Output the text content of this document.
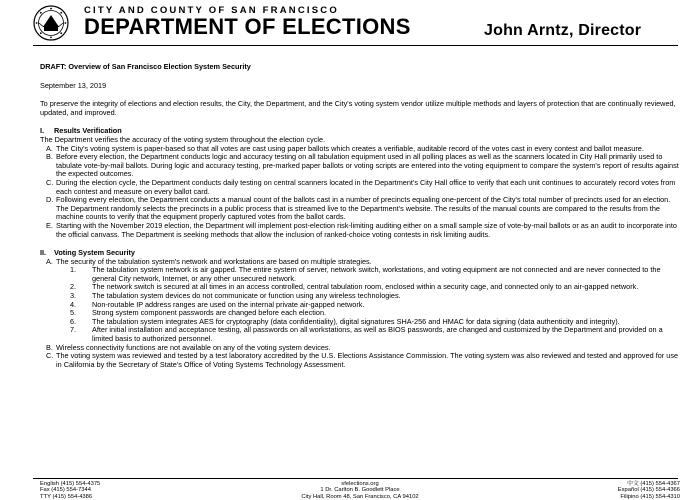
CITY AND COUNTY OF SAN FRANCISCO
DEPARTMENT OF ELECTIONS	John Arntz, Director
DRAFT: Overview of San Francisco Election System Security
September 13, 2019
To preserve the integrity of elections and election results, the City, the Department, and the City's voting system vendor utilize multiple methods and layers of protection that are continually reviewed, updated, and improved.
I.	Results Verification
The Department verifies the accuracy of the voting system throughout the election cycle.
A. The City's voting system is paper-based so that all votes are cast using paper ballots which creates a verifiable, auditable record of the votes cast in every contest and ballot measure.
B. Before every election, the Department conducts logic and accuracy testing on all tabulation equipment used in all polling places as well as the scanners located in City Hall primarily used to tabulate vote-by-mail ballots. During logic and accuracy testing, pre-marked paper ballots or voting scripts are entered into the voting equipment to compare the system's report of results against the expected outcomes.
C. During the election cycle, the Department conducts daily testing on central scanners located in the Department's City Hall office to verify that each unit continues to accurately record votes from each contest and measure on every ballot card.
D. Following every election, the Department conducts a manual count of the ballots cast in a number of precincts equaling one-percent of the City's total number of precincts used for an election. The Department randomly selects the precincts in a public process that is streamed live to the Department's website. The results of the manual counts are compared to the results from the machine counts to verify that the equipment properly captured votes from the ballot cards.
E. Starting with the November 2019 election, the Department will implement post-election risk-limiting auditing either on a small sample size of vote-by-mail ballots or as an audit to incorporate into the official canvass. The Department is seeking methods that allow the inclusion of ranked-choice voting contests in risk limiting audits.
II.	Voting System Security
A. The security of the tabulation system's network and workstations are based on multiple strategies.
1.	The tabulation system network is air gapped. The entire system of server, network switch, workstations, and voting equipment are not connected and are never connected to the general City network, Internet, or any other unsecured network.
2.	The network switch is secured at all times in an access controlled, central tabulation room, enclosed within a security cage, and connected only to an air-gapped network.
3.	The tabulation system devices do not communicate or function using any wireless technologies.
4.	Non-routable IP address ranges are used on the internal private air-gapped network.
5.	Strong system component passwords are changed before each election.
6.	The tabulation system integrates AES for cryptography (data confidentiality), digital signatures SHA-256 and HMAC for data signing (data authenticity and integrity).
7.	After initial installation and acceptance testing, all passwords on all workstations, as well as BIOS passwords, are changed and customized by the Department and provided on a limited basis to authorized personnel.
B. Wireless connectivity functions are not available on any of the voting system devices.
C. The voting system was reviewed and tested by a test laboratory accredited by the U.S. Elections Assistance Commission. The voting system was also reviewed and tested and approved for use in California by the Secretary of State's Office of Voting Systems Technology Assessment.
English (415) 554-4375
Fax (415) 554-7344
TTY (415) 554-4386
sfelections.org
1 Dr. Carlton B. Goodlett Place
City Hall, Room 48, San Francisco, CA 94102
中文 (415) 554-4367
Español (415) 554-4366
Filipino (415) 554-4310
